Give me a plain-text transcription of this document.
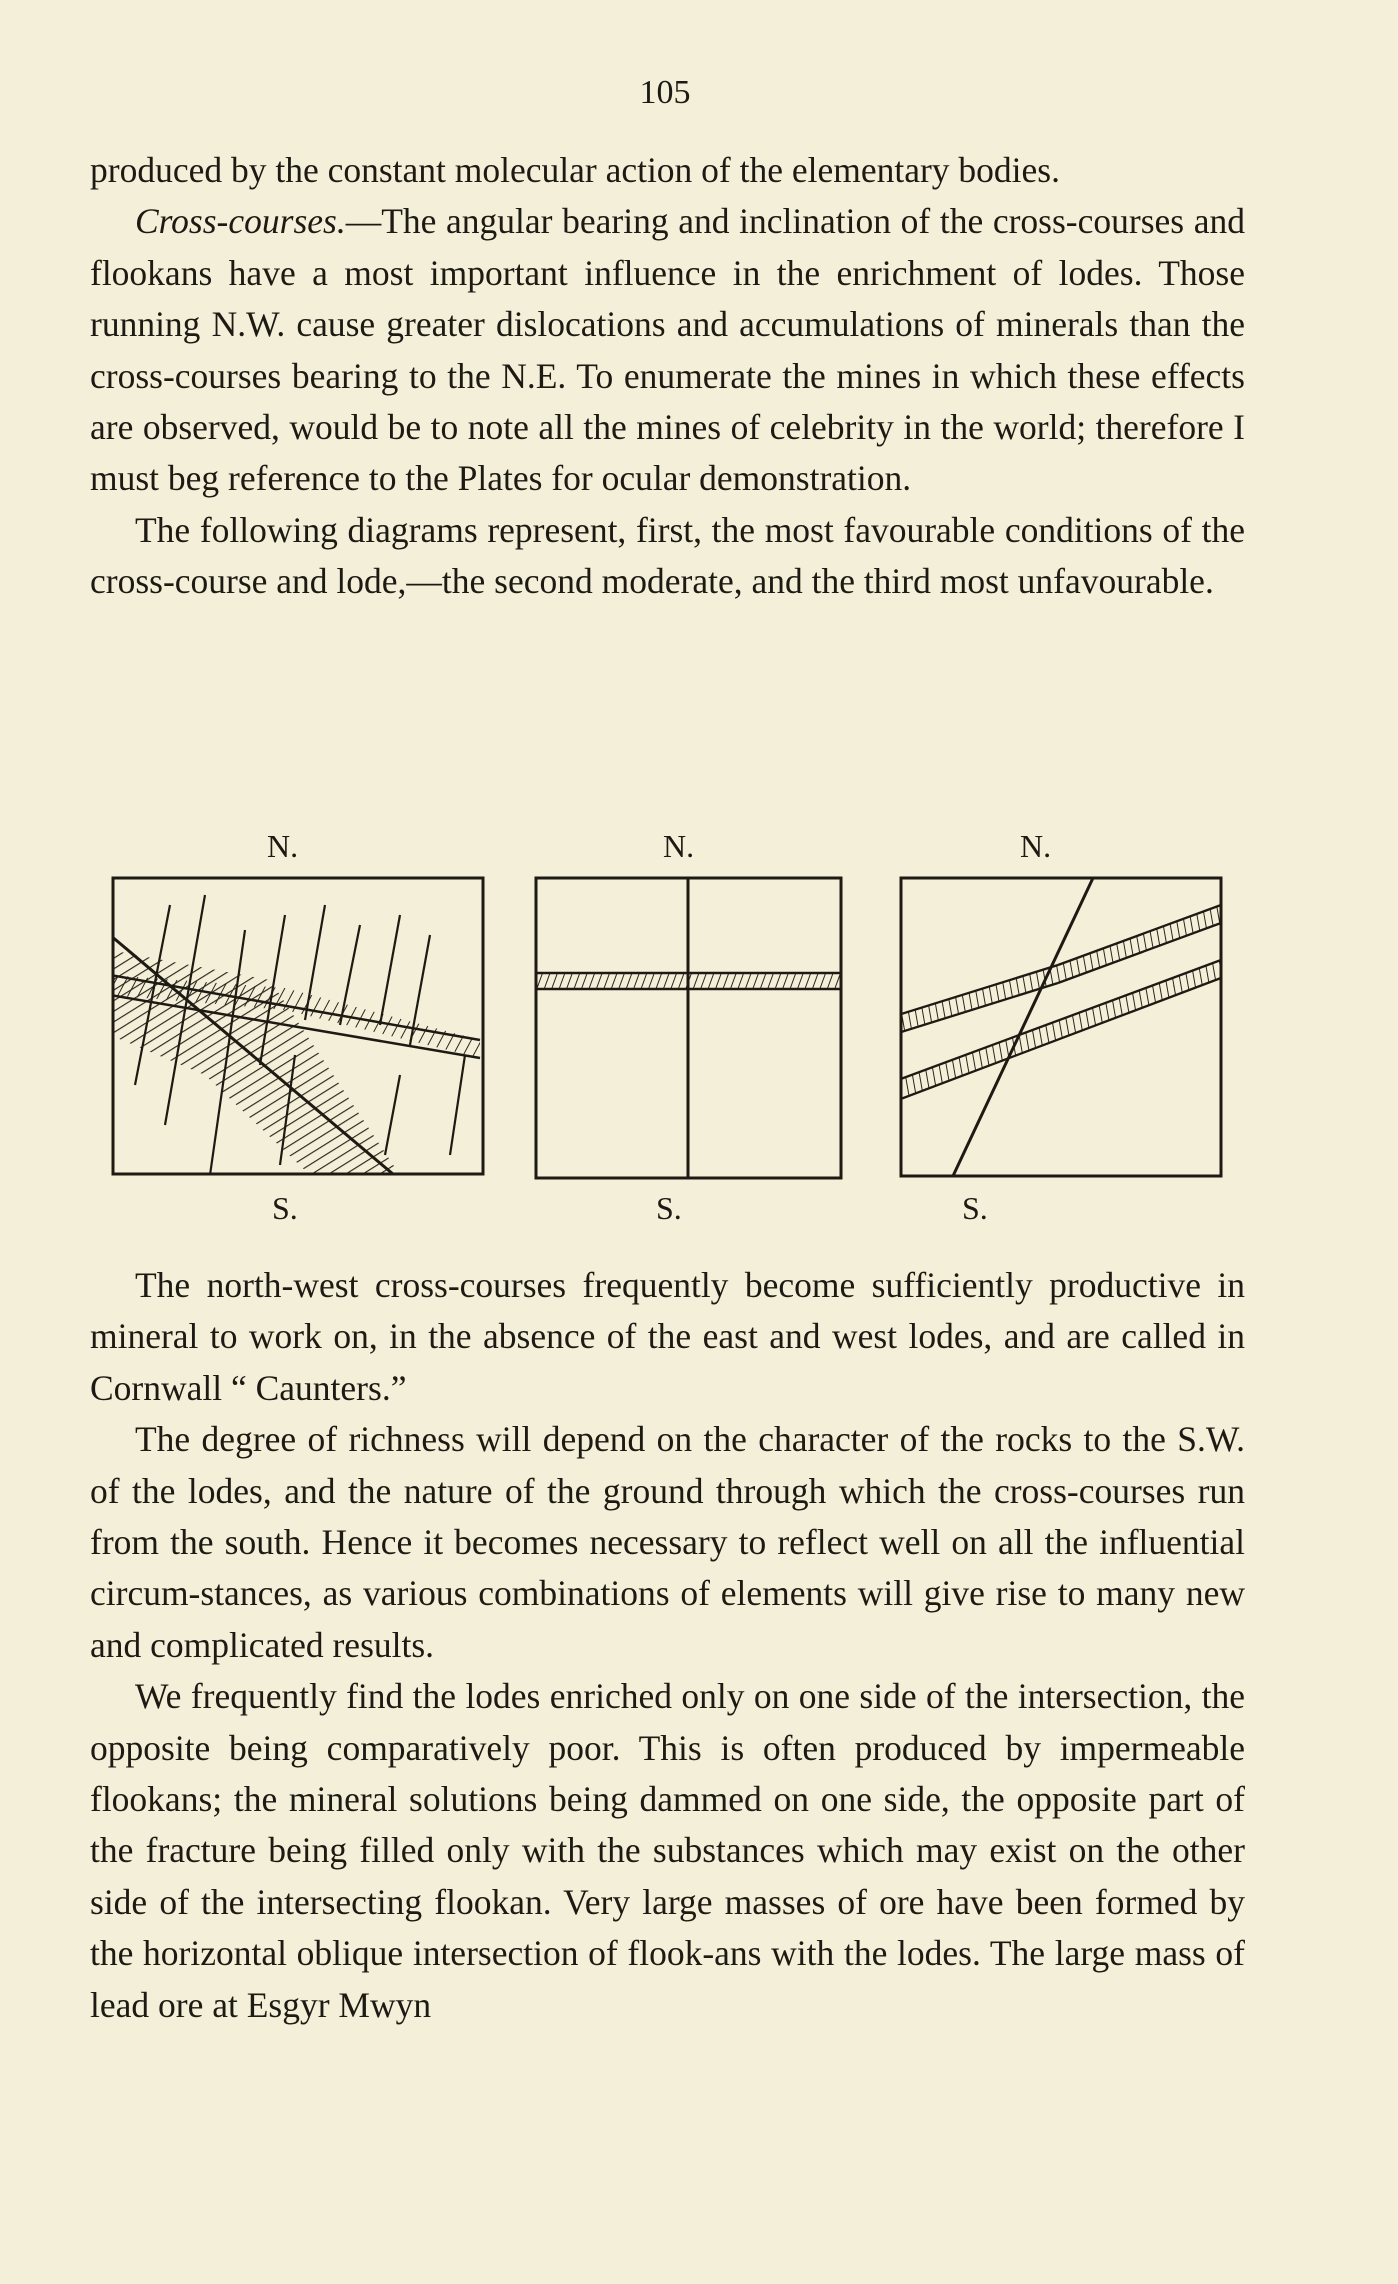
105

produced by the constant molecular action of the elementary bodies.

Cross-courses.—The angular bearing and inclination of the cross-courses and flookans have a most important influence in the enrichment of lodes. Those running N.W. cause greater dislocations and accumulations of minerals than the cross-courses bearing to the N.E. To enumerate the mines in which these effects are observed, would be to note all the mines of celebrity in the world; therefore I must beg reference to the Plates for ocular demonstration.

The following diagrams represent, first, the most favourable conditions of the cross-course and lode,—the second moderate, and the third most unfavourable.

N.	N.	N.
S.	S.	S.

The north-west cross-courses frequently become sufficiently productive in mineral to work on, in the absence of the east and west lodes, and are called in Cornwall “ Caunters.”

The degree of richness will depend on the character of the rocks to the S.W. of the lodes, and the nature of the ground through which the cross-courses run from the south. Hence it becomes necessary to reflect well on all the influential circum-stances, as various combinations of elements will give rise to many new and complicated results.

We frequently find the lodes enriched only on one side of the intersection, the opposite being comparatively poor. This is often produced by impermeable flookans; the mineral solutions being dammed on one side, the opposite part of the fracture being filled only with the substances which may exist on the other side of the intersecting flookan. Very large masses of ore have been formed by the horizontal oblique intersection of flook-ans with the lodes. The large mass of lead ore at Esgyr Mwyn
